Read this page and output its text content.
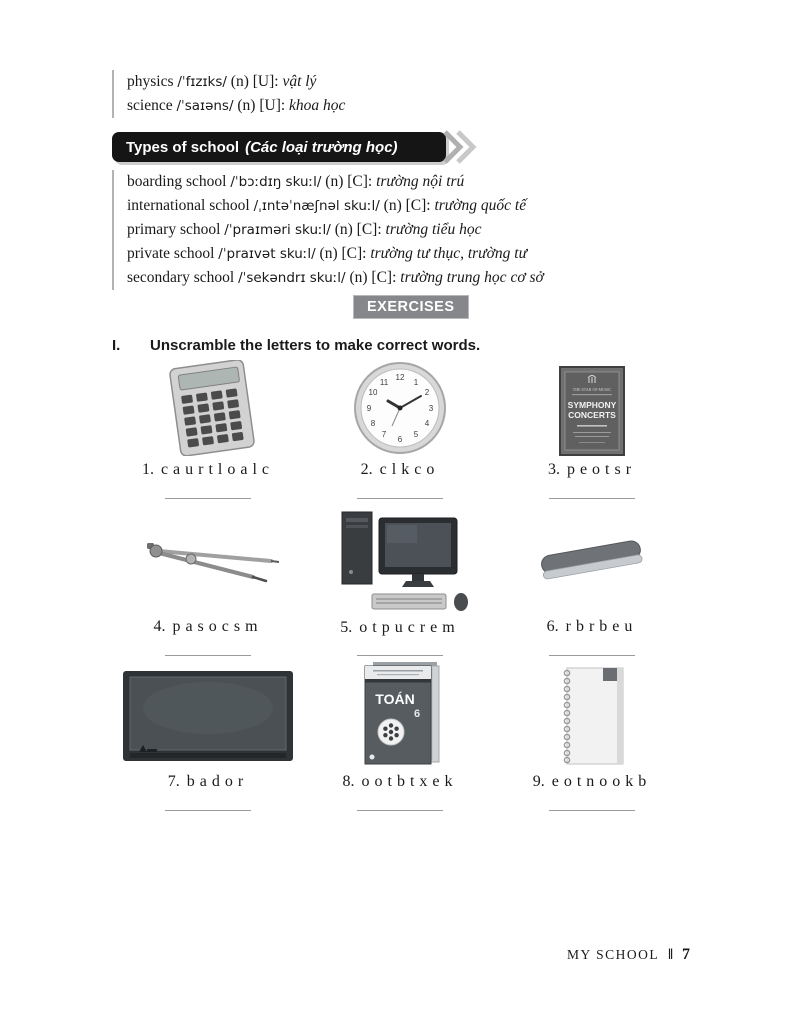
physics /ˈfɪzɪks/ (n) [U]: vật lý
science /ˈsaɪəns/ (n) [U]: khoa học
Types of school (Các loại trường học)
boarding school /ˈbɔːdɪŋ skuːl/ (n) [C]: trường nội trú
international school /ˌɪntəˈnæʃnəl skuːl/ (n) [C]: trường quốc tế
primary school /ˈpraɪməri skuːl/ (n) [C]: trường tiểu học
private school /ˈpraɪvət skuːl/ (n) [C]: trường tư thục, trường tư
secondary school /ˈsekəndrɪ skuːl/ (n) [C]: trường trung học cơ sở
EXERCISES
I.	Unscramble the letters to make correct words.
1. caurtloalc
12
1
2
3
4
5
6
7
8
9
10
11
2. clkco
THE STAR OF MUSIC
SYMPHONY
CONCERTS
3. peotsr
4. pasocsm	5. otpucrem	6. rbrbeu
7. bador
TOÁN
6
8. ootbtxek	9. eotnookb
MY SCHOOL ‖ 7
